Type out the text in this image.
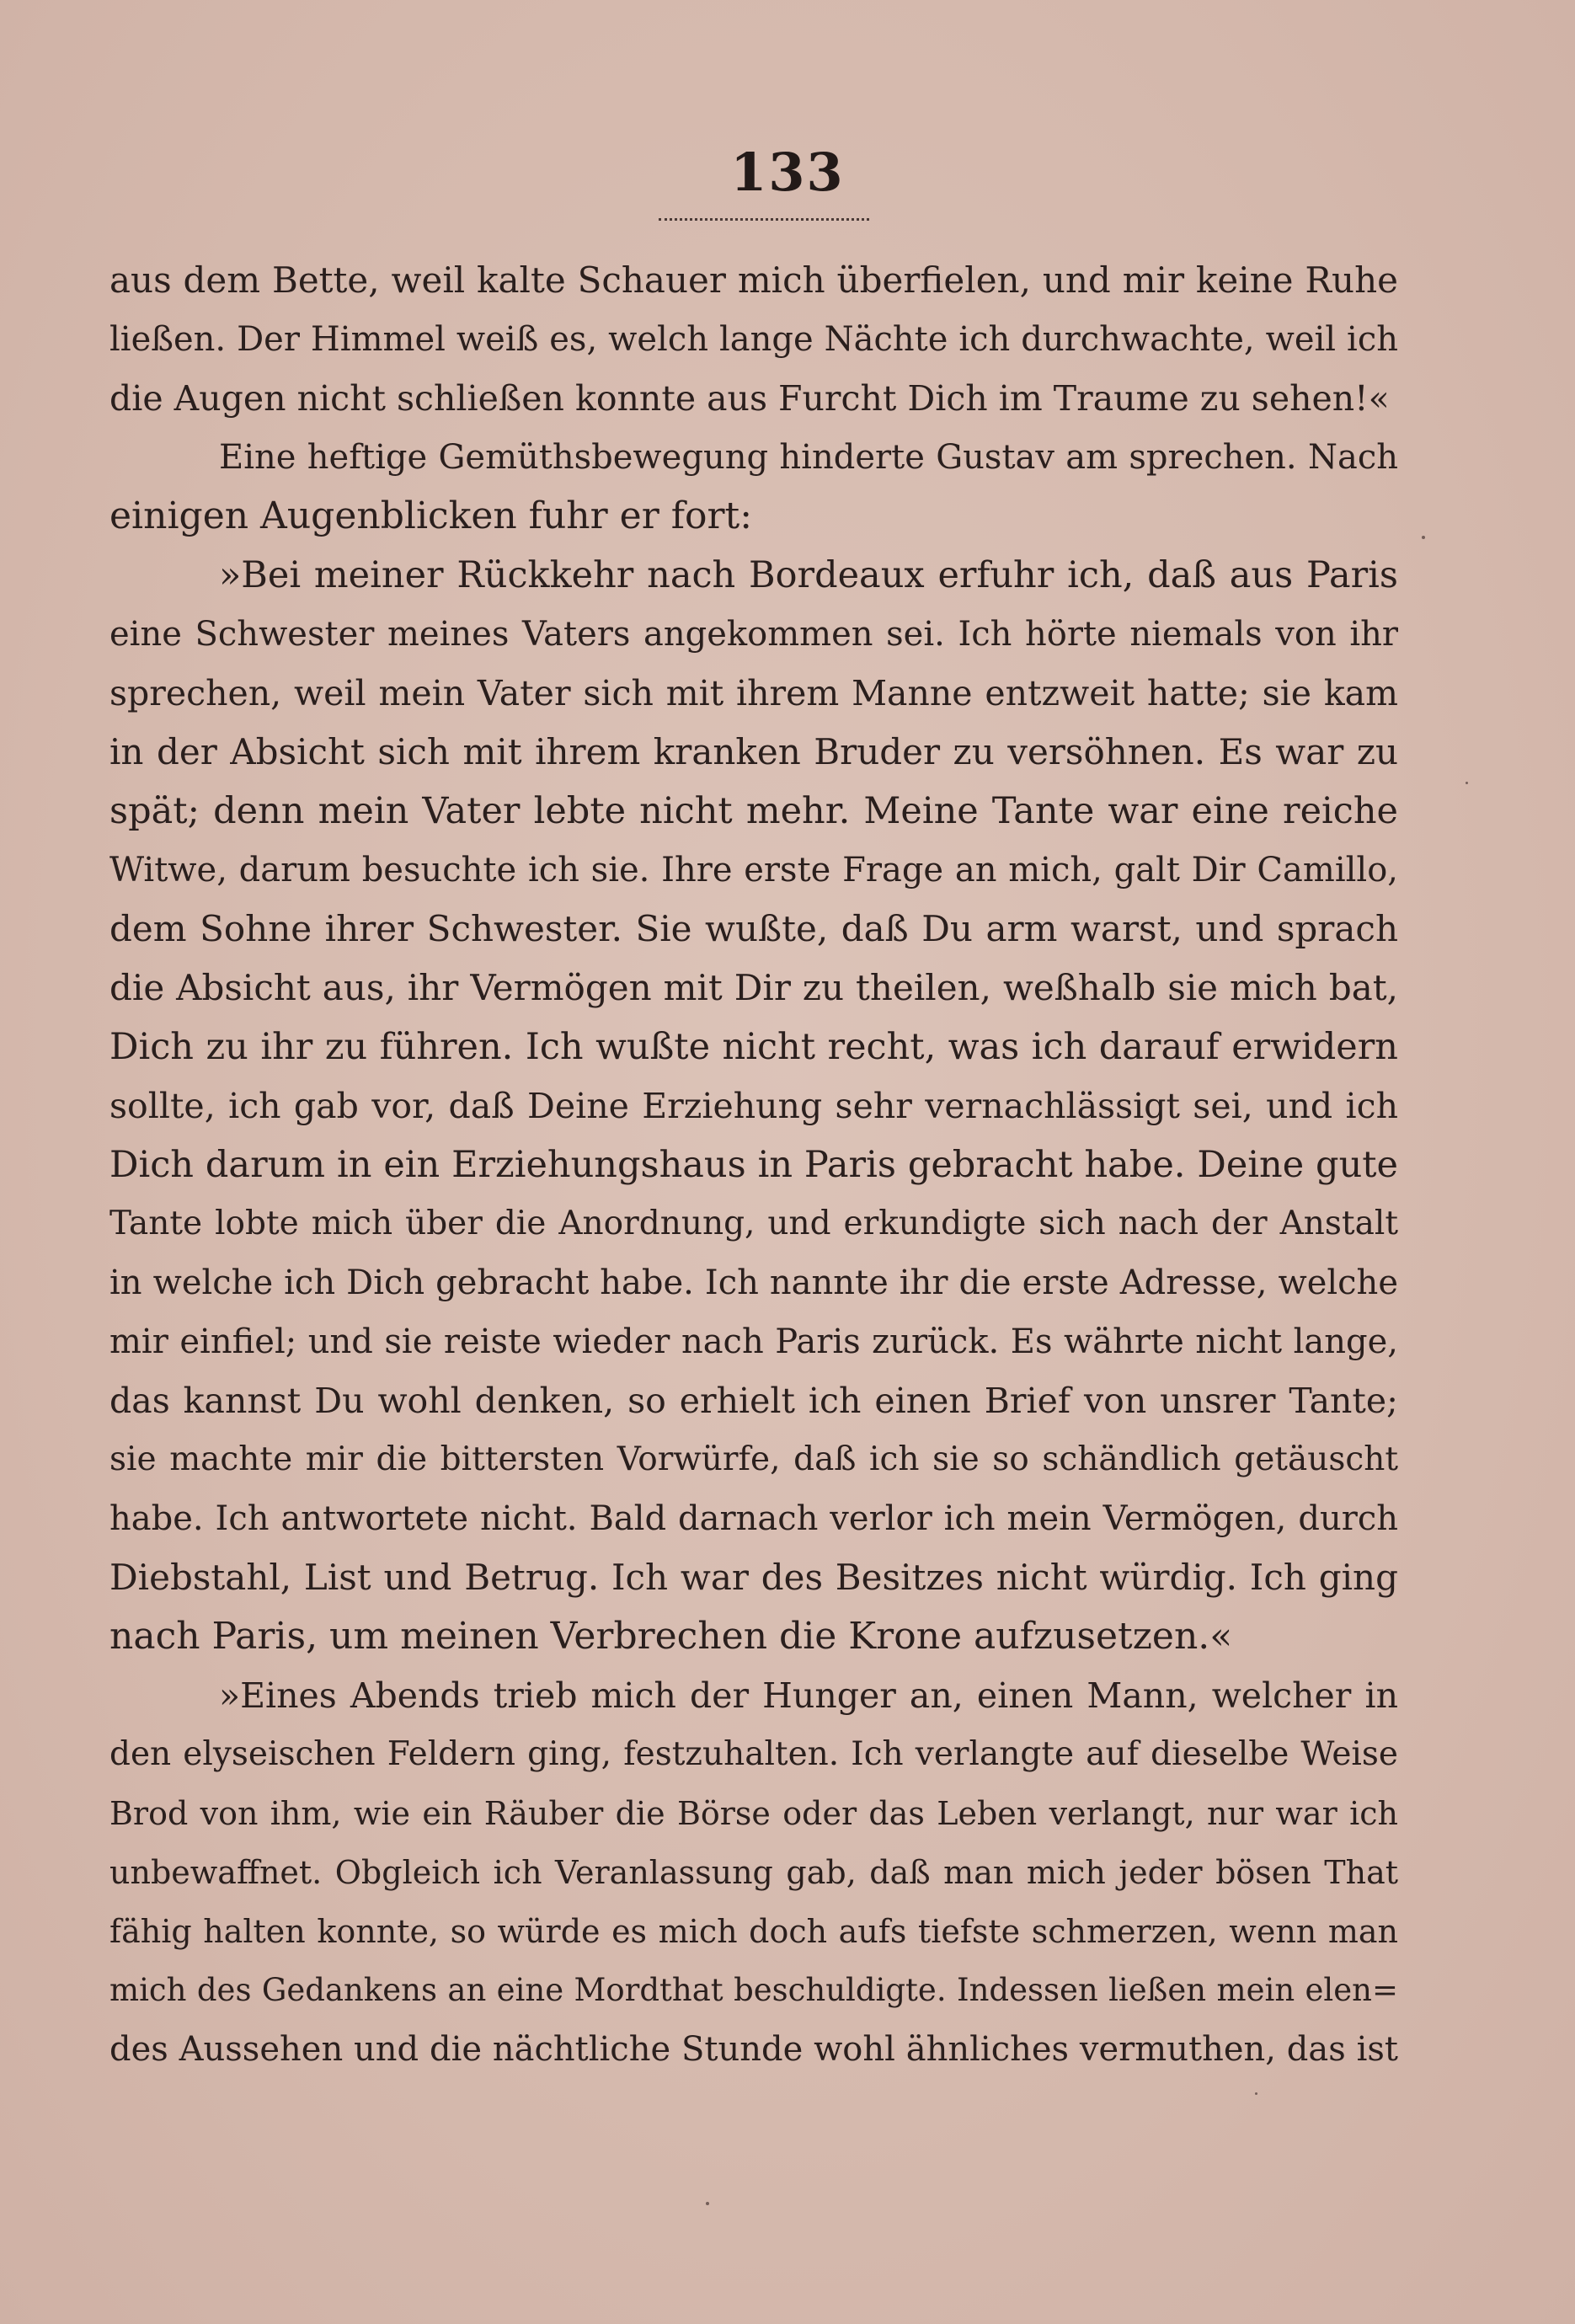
133
aus dem Bette, weil kalte Schauer mich überfielen, und mir keine Ruhe
ließen. Der Himmel weiß es, welch lange Nächte ich durchwachte, weil ich
die Augen nicht schließen konnte aus Furcht Dich im Traume zu sehen!«
Eine heftige Gemüthsbewegung hinderte Gustav am sprechen. Nach
einigen Augenblicken fuhr er fort:
»Bei meiner Rückkehr nach Bordeaux erfuhr ich, daß aus Paris
eine Schwester meines Vaters angekommen sei. Ich hörte niemals von ihr
sprechen, weil mein Vater sich mit ihrem Manne entzweit hatte; sie kam
in der Absicht sich mit ihrem kranken Bruder zu versöhnen. Es war zu
spät; denn mein Vater lebte nicht mehr. Meine Tante war eine reiche
Witwe, darum besuchte ich sie. Ihre erste Frage an mich, galt Dir Camillo,
dem Sohne ihrer Schwester. Sie wußte, daß Du arm warst, und sprach
die Absicht aus, ihr Vermögen mit Dir zu theilen, weßhalb sie mich bat,
Dich zu ihr zu führen. Ich wußte nicht recht, was ich darauf erwidern
sollte, ich gab vor, daß Deine Erziehung sehr vernachlässigt sei, und ich
Dich darum in ein Erziehungshaus in Paris gebracht habe. Deine gute
Tante lobte mich über die Anordnung, und erkundigte sich nach der Anstalt
in welche ich Dich gebracht habe. Ich nannte ihr die erste Adresse, welche
mir einfiel; und sie reiste wieder nach Paris zurück. Es währte nicht lange,
das kannst Du wohl denken, so erhielt ich einen Brief von unsrer Tante;
sie machte mir die bittersten Vorwürfe, daß ich sie so schändlich getäuscht
habe. Ich antwortete nicht. Bald darnach verlor ich mein Vermögen, durch
Diebstahl, List und Betrug. Ich war des Besitzes nicht würdig. Ich ging
nach Paris, um meinen Verbrechen die Krone aufzusetzen.«
»Eines Abends trieb mich der Hunger an, einen Mann, welcher in
den elyseischen Feldern ging, festzuhalten. Ich verlangte auf dieselbe Weise
Brod von ihm, wie ein Räuber die Börse oder das Leben verlangt, nur war ich
unbewaffnet. Obgleich ich Veranlassung gab, daß man mich jeder bösen That
fähig halten konnte, so würde es mich doch aufs tiefste schmerzen, wenn man
mich des Gedankens an eine Mordthat beschuldigte. Indessen ließen mein elen=
des Aussehen und die nächtliche Stunde wohl ähnliches vermuthen, das ist
